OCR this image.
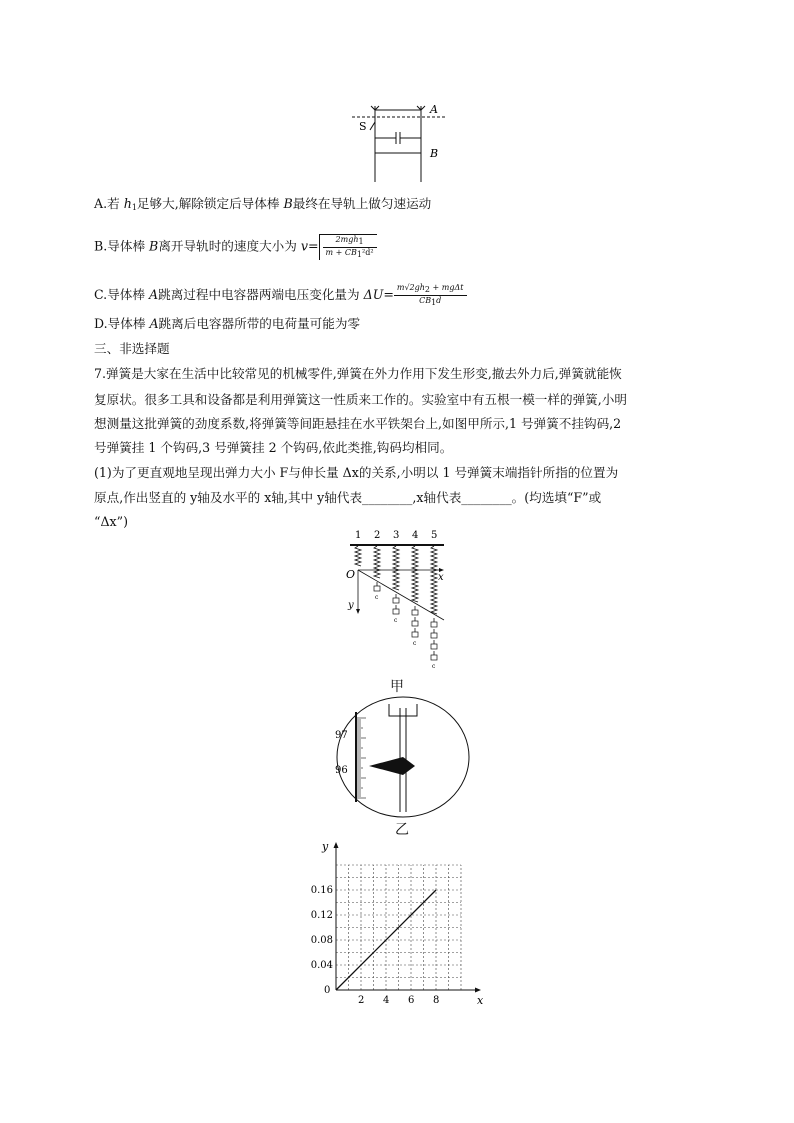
A
B
S
A.若 $h_1$足够大,解除锁定后导体棒 B最终在导轨上做匀速运动
B.导体棒 B离开导轨时的速度大小为 $v= \frac{\text{2mgh1}}{\text{m + CB1²d²}}$
C.导体棒 A跳离过程中电容器两端电压变化量为 $\Delta U= \frac{\text{m√2gh2 + mgΔt}}{CB1d}$
D.导体棒 A跳离后电容器所带的电荷量可能为零
三、非选择题
7.弹簧是大家在生活中比较常见的机械零件,弹簧在外力作用下发生形变,撤去外力后,弹簧就能恢
复原状。很多工具和设备都是利用弹簧这一性质来工作的。实验室中有五根一模一样的弹簧,小明
想测量这批弹簧的劲度系数,将弹簧等间距悬挂在水平铁架台上,如图甲所示,1 号弹簧不挂钩码,2
号弹簧挂 1 个钩码,3 号弹簧挂 2 个钩码,依此类推,钩码均相同。
(1)为了更直观地呈现出弹力大小 F与伸长量 Δx的关系,小明以 1 号弹簧末端指针所指的位置为
原点,作出竖直的 y轴及水平的 x轴,其中 y轴代表________,x轴代表________。(均选填“F”或
“Δx”)
1 2
c
3
c
4
c
5
c
O	x
y
甲
97
96
乙
2 4 6 8
0.04
0.08
0.12
0.16
0
x
y
